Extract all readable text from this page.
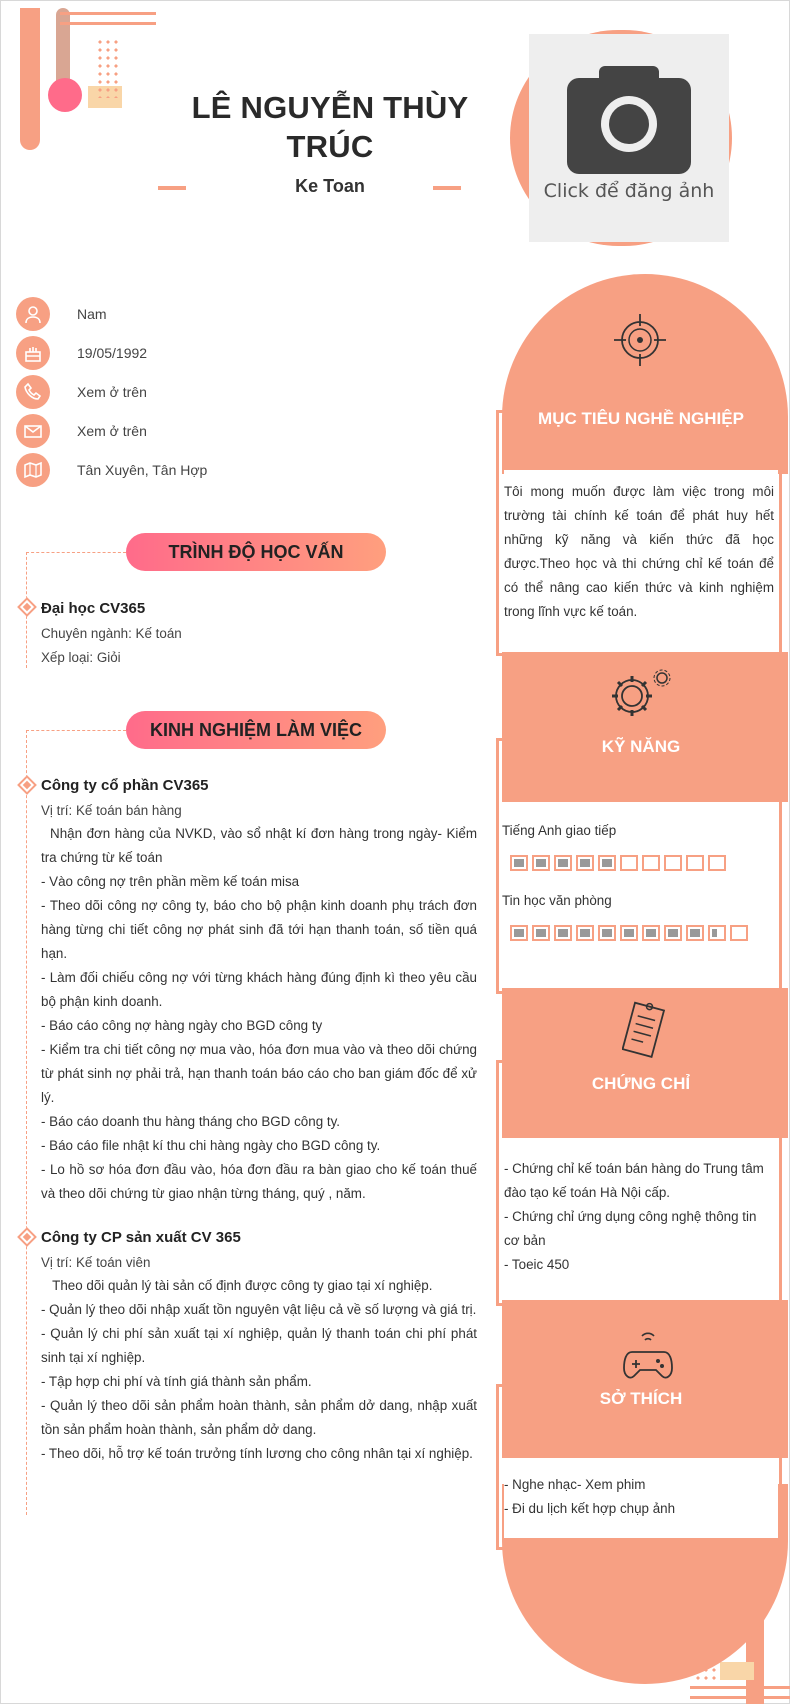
LÊ NGUYỄN THÙY
TRÚC
Ke Toan	Click để đăng ảnh
Nam
19/05/1992
Xem ở trên
Xem ở trên
Tân Xuyên, Tân Hợp
TRÌNH ĐỘ HỌC VẤN
Đại học CV365
Chuyên ngành: Kế toán
Xếp loại: Giỏi
KINH NGHIỆM LÀM VIỆC
Công ty cổ phần CV365
Vị trí: Kế toán bán hàng
Nhận đơn hàng của NVKD, vào sổ nhật kí đơn hàng trong ngày- Kiểm tra chứng từ kế toán
- Vào công nợ trên phần mềm kế toán misa
- Theo dõi công nợ công ty, báo cho bộ phận kinh doanh phụ trách đơn hàng từng chi tiết công nợ phát sinh đã tới hạn thanh toán, số tiền quá hạn.
- Làm đối chiếu công nợ với từng khách hàng đúng định kì theo yêu cầu bộ phận kinh doanh.
- Báo cáo công nợ hàng ngày cho BGD công ty
- Kiểm tra chi tiết công nợ mua vào, hóa đơn mua vào và theo dõi chứng từ phát sinh nợ phải trả, hạn thanh toán báo cáo cho ban giám đốc để xử lý.
- Báo cáo doanh thu hàng tháng cho BGD công ty.
- Báo cáo file nhật kí thu chi hàng ngày cho BGD công ty.
- Lo hồ sơ hóa đơn đầu vào, hóa đơn đầu ra bàn giao cho kế toán thuế và theo dõi chứng từ giao nhận từng tháng, quý , năm.
Công ty CP sản xuất CV 365
Vị trí: Kế toán viên
Theo dõi quản lý tài sản cố định được công ty giao tại xí nghiệp.
- Quản lý theo dõi nhập xuất tồn nguyên vật liệu cả về số lượng và giá trị.
- Quản lý chi phí sản xuất tại xí nghiệp, quản lý thanh toán chi phí phát sinh tại xí nghiệp.
- Tập hợp chi phí và tính giá thành sản phẩm.
- Quản lý theo dõi sản phẩm hoàn thành, sản phẩm dở dang, nhập xuất tồn sản phẩm hoàn thành, sản phẩm dở dang.
- Theo dõi, hỗ trợ kế toán trưởng tính lương cho công nhân tại xí nghiệp.
MỤC TIÊU NGHỀ NGHIỆP
Tôi mong muốn được làm việc trong môi trường tài chính kế toán để phát huy hết những kỹ năng và kiến thức đã học được.Theo học và thi chứng chỉ kế toán để có thể nâng cao kiến thức và kinh nghiệm trong lĩnh vực kế toán.
KỸ NĂNG
Tiếng Anh giao tiếp
Tin học văn phòng
CHỨNG CHỈ
- Chứng chỉ kế toán bán hàng do Trung tâm đào tạo kế toán Hà Nội cấp.
- Chứng chỉ ứng dụng công nghệ thông tin cơ bản
- Toeic 450
SỞ THÍCH
- Nghe nhạc- Xem phim
- Đi du lịch kết hợp chụp ảnh
